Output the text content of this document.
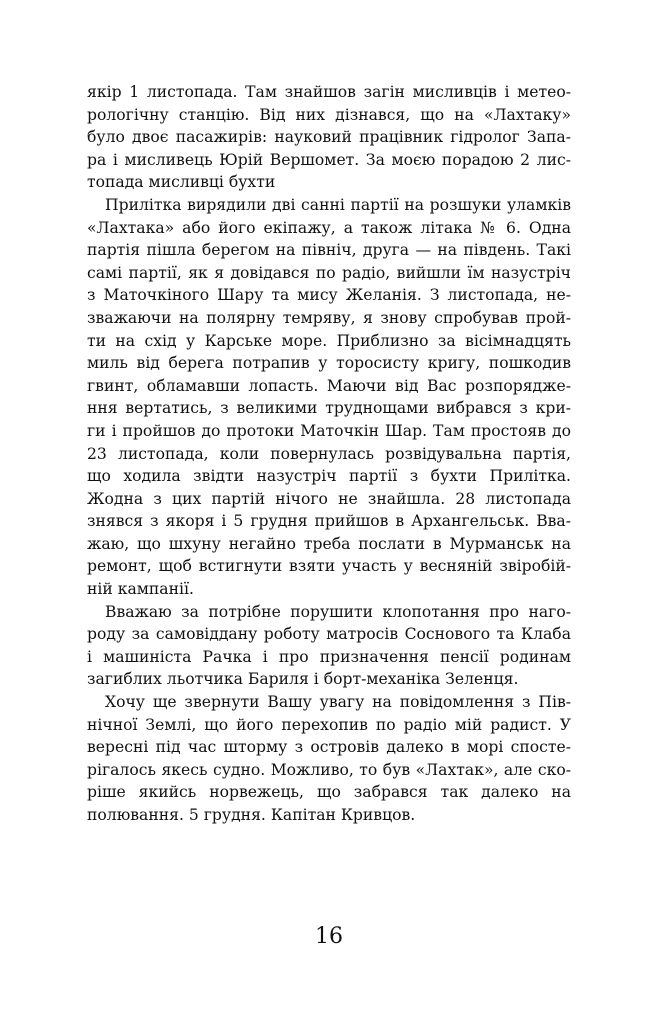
якір 1 листопада. Там знайшов загін мисливців і метео-
рологічну станцію. Від них дізнався, що на «Лахтаку»
було двоє пасажирів: науковий працівник гідролог Запа-
ра і мисливець Юрій Вершомет. За моєю порадою 2 лис-
топада мисливці бухти
Прилітка вирядили дві санні партії на розшуки уламків
«Лахтака» або його екіпажу, а також літака № 6. Одна
партія пішла берегом на північ, друга — на південь. Такі
самі партії, як я довідався по радіо, вийшли їм назустріч
з Маточкіного Шару та мису Желанія. З листопада, не-
зважаючи на полярну темряву, я знову спробував прой-
ти на схід у Карське море. Приблизно за вісімнадцять
миль від берега потрапив у торосисту кригу, пошкодив
гвинт, обламавши лопасть. Маючи від Вас розпорядже-
ння вертатись, з великими труднощами вибрався з кри-
ги і пройшов до протоки Маточкін Шар. Там простояв до
23 листопада, коли повернулась розвідувальна партія,
що ходила звідти назустріч партії з бухти Прилітка.
Жодна з цих партій нічого не знайшла. 28 листопада
знявся з якоря і 5 грудня прийшов в Архангельськ. Вва-
жаю, що шхуну негайно треба послати в Мурманськ на
ремонт, щоб встигнути взяти участь у весняній звіробій-
ній кампанії.
Вважаю за потрібне порушити клопотання про наго-
роду за самовіддану роботу матросів Соснового та Клаба
і машиніста Рачка і про призначення пенсії родинам
загиблих льотчика Бариля і борт-механіка Зеленця.
Хочу ще звернути Вашу увагу на повідомлення з Пів-
нічної Землі, що його перехопив по радіо мій радист. У
вересні під час шторму з островів далеко в морі спосте-
рігалось якесь судно. Можливо, то був «Лахтак», але ско-
ріше якийсь норвежець, що забрався так далеко на
полювання. 5 грудня. Капітан Кривцов.
16
